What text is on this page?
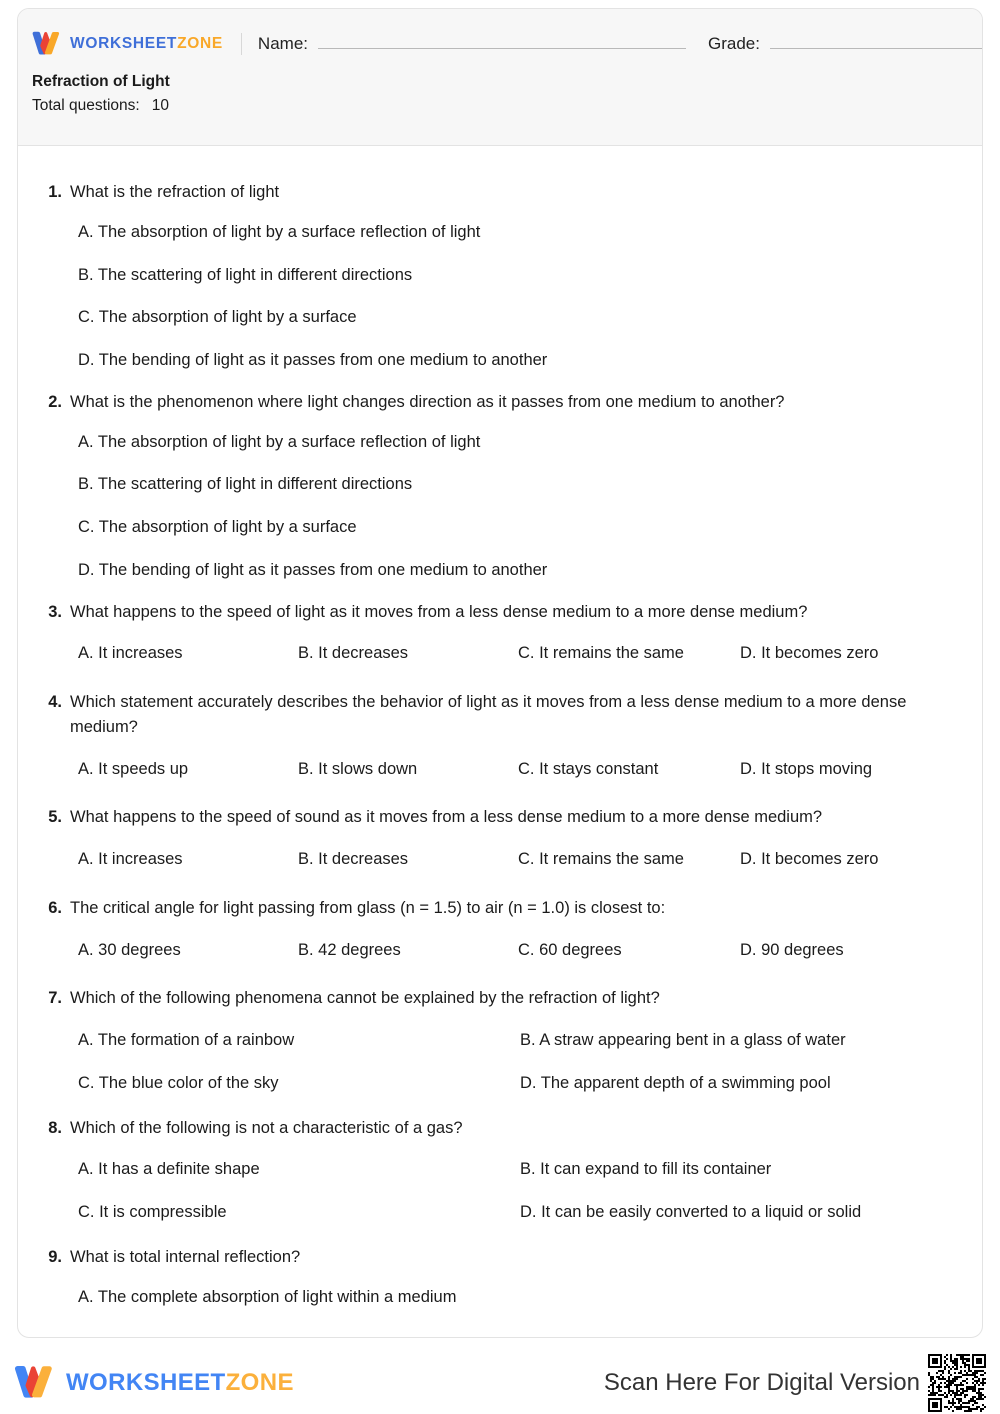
WORKSHEETZONE Name:	Grade:
Refraction of Light
Total questions: 10
1. What is the refraction of light
A. The absorption of light by a surface reflection of light
B. The scattering of light in different directions
C. The absorption of light by a surface
D. The bending of light as it passes from one medium to another
2. What is the phenomenon where light changes direction as it passes from one medium to another?
A. The absorption of light by a surface reflection of light
B. The scattering of light in different directions
C. The absorption of light by a surface
D. The bending of light as it passes from one medium to another
3. What happens to the speed of light as it moves from a less dense medium to a more dense medium?
A. It increases	B. It decreases	C. It remains the same	D. It becomes zero
4. Which statement accurately describes the behavior of light as it moves from a less dense medium to a more dense medium?
A. It speeds up	B. It slows down	C. It stays constant	D. It stops moving
5. What happens to the speed of sound as it moves from a less dense medium to a more dense medium?
A. It increases	B. It decreases	C. It remains the same	D. It becomes zero
6. The critical angle for light passing from glass (n = 1.5) to air (n = 1.0) is closest to:
A. 30 degrees	B. 42 degrees	C. 60 degrees	D. 90 degrees
7. Which of the following phenomena cannot be explained by the refraction of light?
A. The formation of a rainbow	B. A straw appearing bent in a glass of water
C. The blue color of the sky	D. The apparent depth of a swimming pool
8. Which of the following is not a characteristic of a gas?
A. It has a definite shape	B. It can expand to fill its container
C. It is compressible	D. It can be easily converted to a liquid or solid
9. What is total internal reflection?
A. The complete absorption of light within a medium
WORKSHEETZONE	Scan Here For Digital Version
